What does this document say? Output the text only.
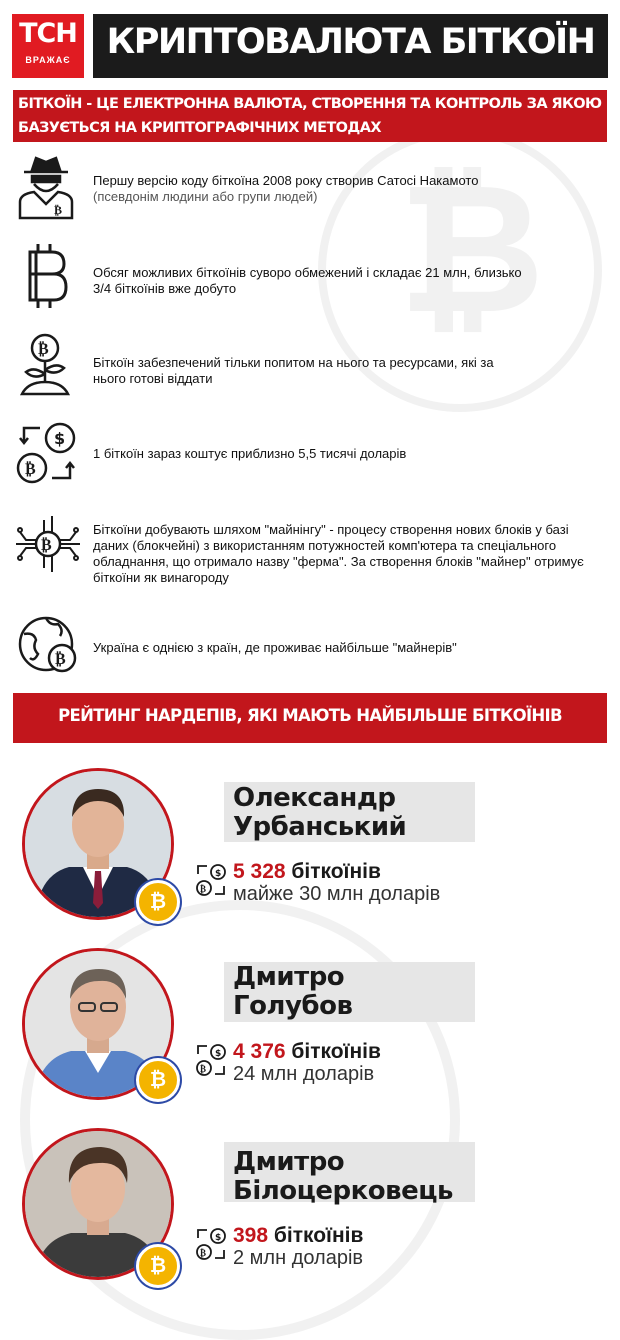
₿
ТСН
ВРАЖАЄ	КРИПТОВАЛЮТА БІТКОЇН
БІТКОЇН - ЦЕ ЕЛЕКТРОННА ВАЛЮТА, СТВОРЕННЯ ТА КОНТРОЛЬ ЗА ЯКОЮ БАЗУЄТЬСЯ НА КРИПТОГРАФІЧНИХ МЕТОДАХ
₿
₿
$
₿
₿
₿
Першу версію коду біткоїна 2008 року створив Сатосі Накамото
(псевдонім людини або групи людей)
Обсяг можливих біткоїнів суворо обмежений і складає 21 млн, близько 3/4 біткоїнів вже добуто
Біткоїн забезпечений тільки попитом на нього та ресурсами, які за нього готові віддати
1 біткоїн зараз коштує приблизно 5,5 тисячі доларів
Біткоїни добувають шляхом "майнінгу" - процесу створення нових блоків у базі даних (блокчейні) з використанням потужностей комп'ютера та спеціального обладнання, що отримало назву "ферма". За створення блоків "майнер" отримує біткоїни як винагороду
Україна є однією з країн, де проживає найбільше "майнерів"
РЕЙТИНГ НАРДЕПІВ, ЯКІ МАЮТЬ НАЙБІЛЬШЕ БІТКОЇНІВ
₿
Олександр
Урбанський
$
₿
5 328 біткоїнів
майже 30 млн доларів
₿
Дмитро
Голубов
$
₿
4 376 біткоїнів
24 млн доларів
₿
Дмитро
Білоцерковець
$
₿
398 біткоїнів
2 млн доларів
